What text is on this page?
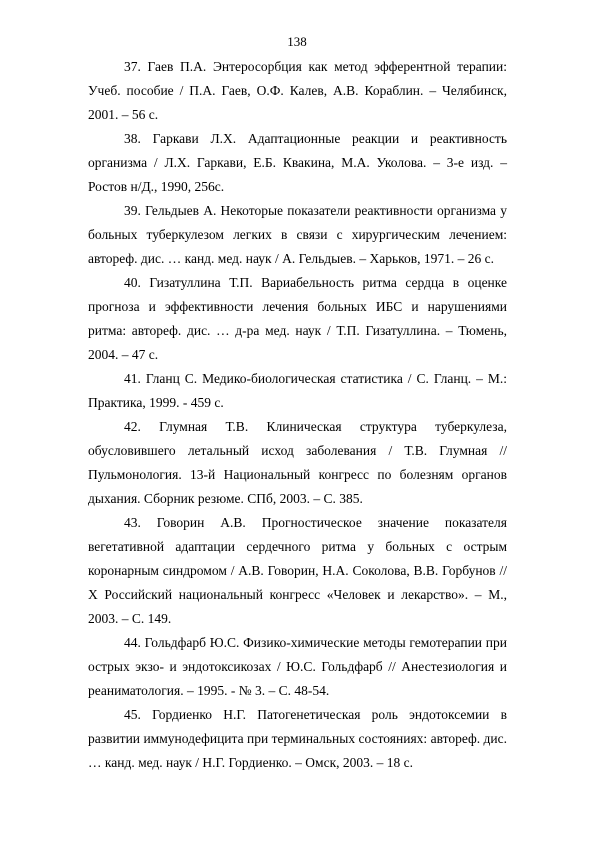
138
37. Гаев П.А. Энтеросорбция как метод эфферентной терапии: Учеб. пособие / П.А. Гаев, О.Ф. Калев, А.В. Кораблин. – Челябинск, 2001. – 56 с.
38. Гаркави Л.Х. Адаптационные реакции и реактивность организма / Л.Х. Гаркави, Е.Б. Квакина, М.А. Уколова. – 3-е изд. – Ростов н/Д., 1990, 256с.
39. Гельдыев А. Некоторые показатели реактивности организма у больных туберкулезом легких в связи с хирургическим лечением: автореф. дис. … канд. мед. наук / А. Гельдыев. – Харьков, 1971. – 26 с.
40. Гизатуллина Т.П. Вариабельность ритма сердца в оценке прогноза и эффективности лечения больных ИБС и нарушениями ритма: автореф. дис. … д-ра мед. наук / Т.П. Гизатуллина. – Тюмень, 2004. – 47 с.
41. Гланц С. Медико-биологическая статистика / С. Гланц. – М.: Практика, 1999. - 459 с.
42. Глумная Т.В. Клиническая структура туберкулеза, обусловившего летальный исход заболевания / Т.В. Глумная // Пульмонология. 13-й Национальный конгресс по болезням органов дыхания. Сборник резюме. СПб, 2003. – С. 385.
43. Говорин А.В. Прогностическое значение показателя вегетативной адаптации сердечного ритма у больных с острым коронарным синдромом / А.В. Говорин, Н.А. Соколова, В.В. Горбунов // X Российский национальный конгресс «Человек и лекарство». – М., 2003. – С. 149.
44. Гольдфарб Ю.С. Физико-химические методы гемотерапии при острых экзо- и эндотоксикозах / Ю.С. Гольдфарб // Анестезиология и реаниматология. – 1995. - № 3. – С. 48-54.
45. Гордиенко Н.Г. Патогенетическая роль эндотоксемии в развитии иммунодефицита при терминальных состояниях: автореф. дис. … канд. мед. наук / Н.Г. Гордиенко. – Омск, 2003. – 18 с.
